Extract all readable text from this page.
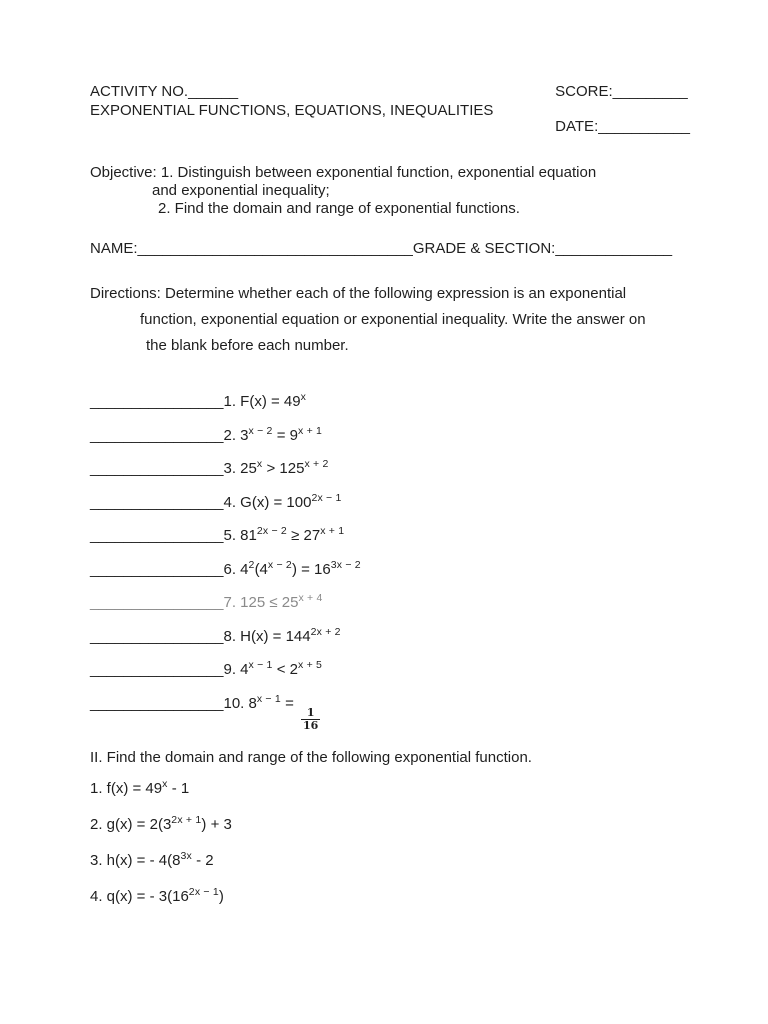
ACTIVITY NO.______
EXPONENTIAL FUNCTIONS, EQUATIONS, INEQUALITIES
SCORE:_________
DATE:___________
Objective: 1. Distinguish between exponential function, exponential equation
and exponential inequality;
2. Find the domain and range of exponential functions.
NAME:_________________________________GRADE & SECTION:______________
Directions: Determine whether each of the following expression is an exponential
function, exponential equation or exponential inequality. Write the answer on
the blank before each number.
________________1. $F(x) = 49^x$
________________2. $3^{x - 2} = 9^{x + 1}$
________________3. $25^x > 125^{x + 2}$
________________4. $G(x) = 100^{2x - 1}$
________________5. $81^{2x - 2} \ge 27^{x + 1}$
________________6. $4^2(4^{x - 2}) = 16^{3x - 2}$
________________7. $125 \le 25^{x + 4}$
________________8. $H(x) = 144^{2x + 2}$
________________9. $4^{x - 1} < 2^{x + 5}$
________________10. $8^{x - 1}$ =
$\frac{1}{16}$
II. Find the domain and range of the following exponential function.
1. $f(x) = 49^x - 1$
2. $g(x) = 2(3^{2x + 1}) + 3$
3. h(x) = - $4(8^{3x} - 2$
4. q(x) = - $3(16^{2x - 1})$
